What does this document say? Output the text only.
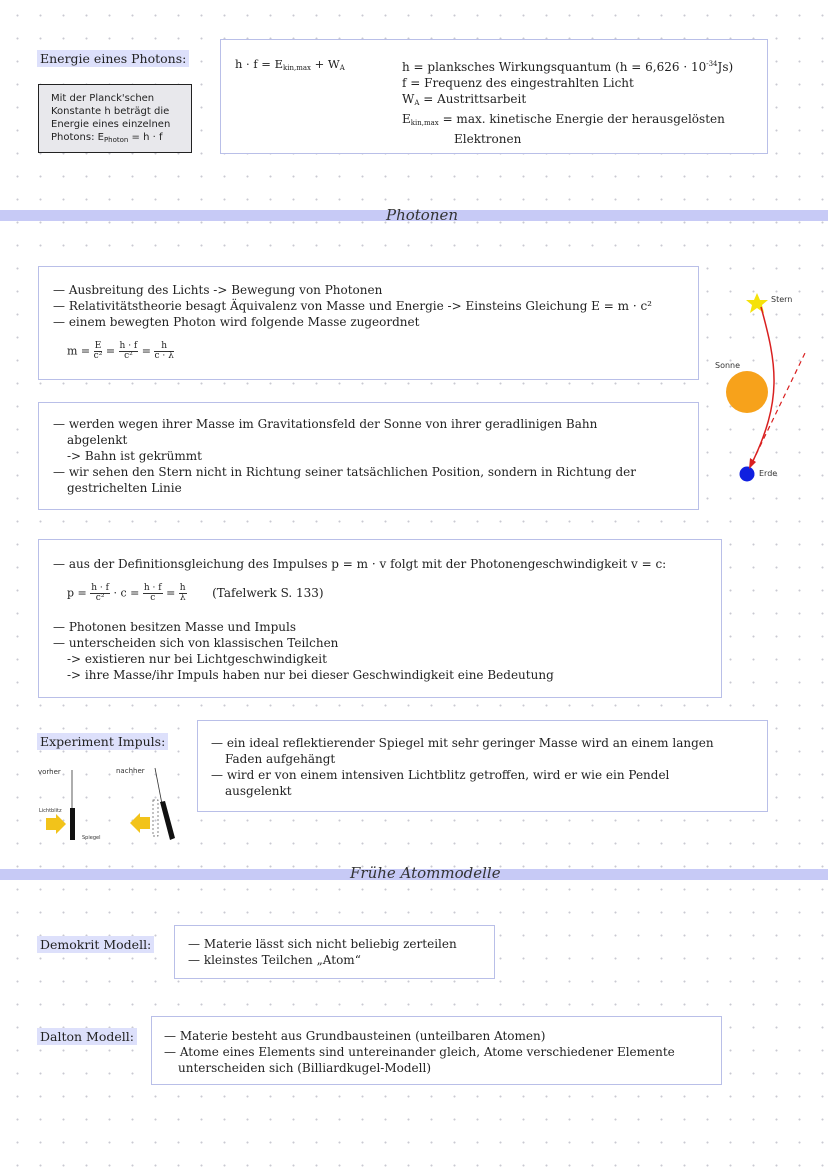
Energie eines Photons:
Mit der Planck'schen
Konstante h beträgt die
Energie eines einzelnen
Photons: $E_{Photon} = h \cdot f$
$h \cdot f = E_{kin,max} + W_A$	h = planksches Wirkungsquantum $(h = 6,626 \cdot 10^{-34}Js)$
f = Frequenz des eingestrahlten Licht
$W_A$ = Austrittsarbeit
$E_{kin,max} = \max$. kinetische Energie der herausgelösten
Elektronen
Photonen
— Ausbreitung des Lichts -> Bewegung von Photonen
— Relativitätstheorie besagt Äquivalenz von Masse und Energie -> Einsteins Gleichung E = m · c²
— einem bewegten Photon wird folgende Masse zugeordnet
$m = \frac{E}{\text{c²}} = \frac{h \cdot f}{\text{c²}} = \frac{h}{c \cdot \lambda}$
— werden wegen ihrer Masse im Gravitationsfeld der Sonne von ihrer geradlinigen Bahn
abgelenkt
-> Bahn ist gekrümmt
— wir sehen den Stern nicht in Richtung seiner tatsächlichen Position, sondern in Richtung der
gestrichelten Linie
Stern
Sonne
Erde
— aus der Definitionsgleichung des Impulses p = m · v folgt mit der Photonengeschwindigkeit v = c:
$p = \frac{h \cdot f}{\text{c²}} \cdot c = \frac{h \cdot f}{c} = \frac{h}{\lambda}$ (Tafelwerk S. 133)
— Photonen besitzen Masse und Impuls
— unterscheiden sich von klassischen Teilchen
-> existieren nur bei Lichtgeschwindigkeit
-> ihre Masse/ihr Impuls haben nur bei dieser Geschwindigkeit eine Bedeutung
Experiment Impuls:
vorher	nachher
Lichtblitz
Spiegel
— ein ideal reflektierender Spiegel mit sehr geringer Masse wird an einem langen
Faden aufgehängt
— wird er von einem intensiven Lichtblitz getroffen, wird er wie ein Pendel
ausgelenkt
Frühe Atommodelle
Demokrit Modell:	— Materie lässt sich nicht beliebig zerteilen
— kleinstes Teilchen „Atom“
Dalton Modell:	— Materie besteht aus Grundbausteinen (unteilbaren Atomen)
— Atome eines Elements sind untereinander gleich, Atome verschiedener Elemente
unterscheiden sich (Billiardkugel-Modell)
